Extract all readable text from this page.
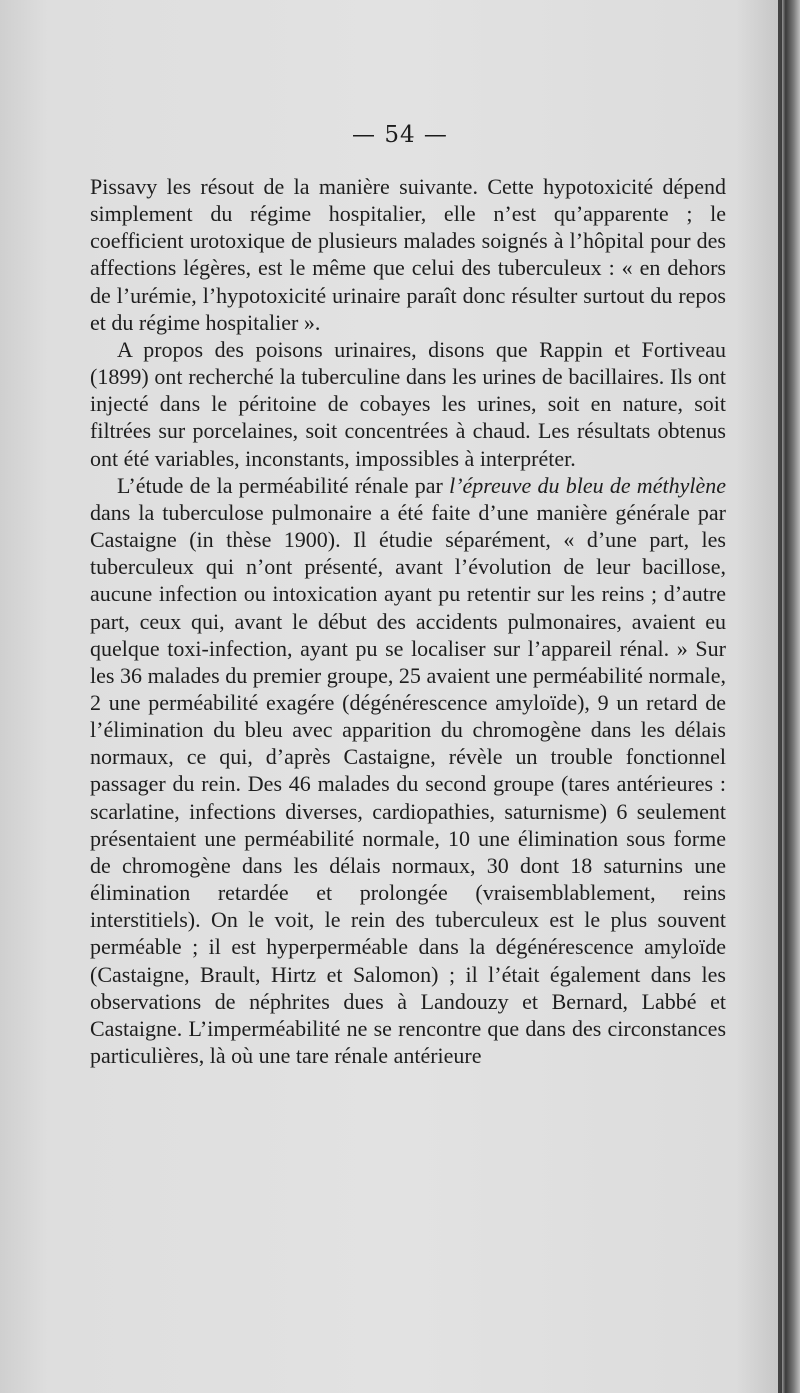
— 54 —

Pissavy les résout de la manière suivante. Cette hypotoxicité dépend simplement du régime hospitalier, elle n’est qu’apparente ; le coefficient urotoxique de plusieurs malades soignés à l’hôpital pour des affections légères, est le même que celui des tuberculeux : « en dehors de l’urémie, l’hypotoxicité urinaire paraît donc résulter surtout du repos et du régime hospitalier ».

A propos des poisons urinaires, disons que Rappin et Fortiveau (1899) ont recherché la tuberculine dans les urines de bacillaires. Ils ont injecté dans le péritoine de cobayes les urines, soit en nature, soit filtrées sur porcelaines, soit concentrées à chaud. Les résultats obtenus ont été variables, inconstants, impossibles à interpréter.

L’étude de la perméabilité rénale par l’épreuve du bleu de méthylène dans la tuberculose pulmonaire a été faite d’une manière générale par Castaigne (in thèse 1900). Il étudie séparément, « d’une part, les tuberculeux qui n’ont présenté, avant l’évolution de leur bacillose, aucune infection ou intoxication ayant pu retentir sur les reins ; d’autre part, ceux qui, avant le début des accidents pulmonaires, avaient eu quelque toxi-infection, ayant pu se localiser sur l’appareil rénal. » Sur les 36 malades du premier groupe, 25 avaient une perméabilité normale, 2 une perméabilité exagére (dégénérescence amyloïde), 9 un retard de l’élimination du bleu avec apparition du chromogène dans les délais normaux, ce qui, d’après Castaigne, révèle un trouble fonctionnel passager du rein. Des 46 malades du second groupe (tares antérieures : scarlatine, infections diverses, cardiopathies, saturnisme) 6 seulement présentaient une perméabilité normale, 10 une élimination sous forme de chromogène dans les délais normaux, 30 dont 18 saturnins une élimination retardée et prolongée (vraisemblablement, reins interstitiels). On le voit, le rein des tuberculeux est le plus souvent perméable ; il est hyperperméable dans la dégénérescence amyloïde (Castaigne, Brault, Hirtz et Salomon) ; il l’était également dans les observations de néphrites dues à Landouzy et Bernard, Labbé et Castaigne. L’imperméabilité ne se rencontre que dans des circonstances particulières, là où une tare rénale antérieure
